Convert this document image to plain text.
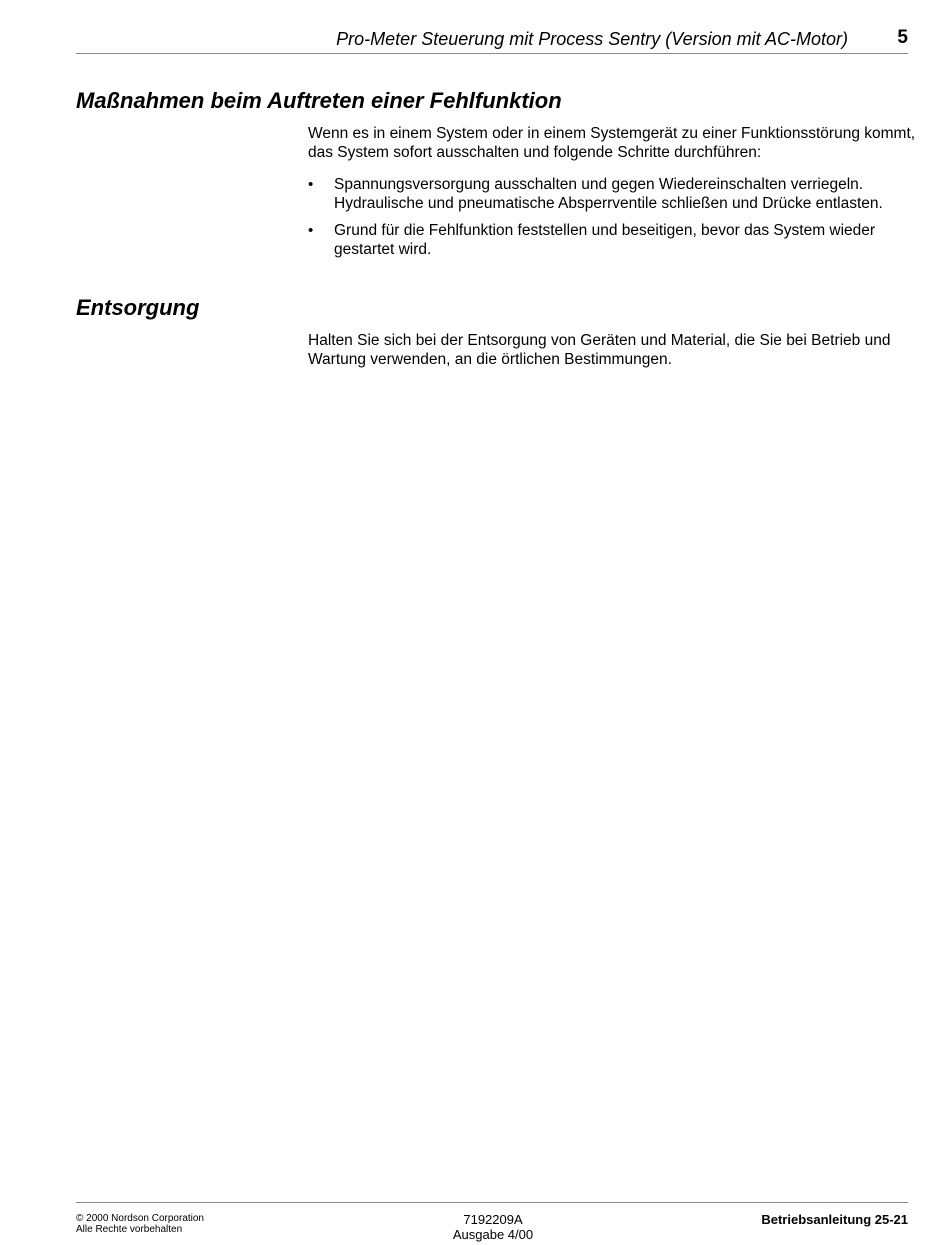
Pro-Meter Steuerung mit Process Sentry (Version mit AC-Motor)	5
Maßnahmen beim Auftreten einer Fehlfunktion

Wenn es in einem System oder in einem Systemgerät zu einer Funktionsstörung kommt, das System sofort ausschalten und folgende Schritte durchführen:

• Spannungsversorgung ausschalten und gegen Wiedereinschalten verriegeln. Hydraulische und pneumatische Absperrventile schließen und Drücke entlasten.
• Grund für die Fehlfunktion feststellen und beseitigen, bevor das System wieder gestartet wird.
Entsorgung

Halten Sie sich bei der Entsorgung von Geräten und Material, die Sie bei Betrieb und Wartung verwenden, an die örtlichen Bestimmungen.

© 2000 Nordson Corporation
Alle Rechte vorbehalten
7192209A
Ausgabe 4/00
Betriebsanleitung 25-21
